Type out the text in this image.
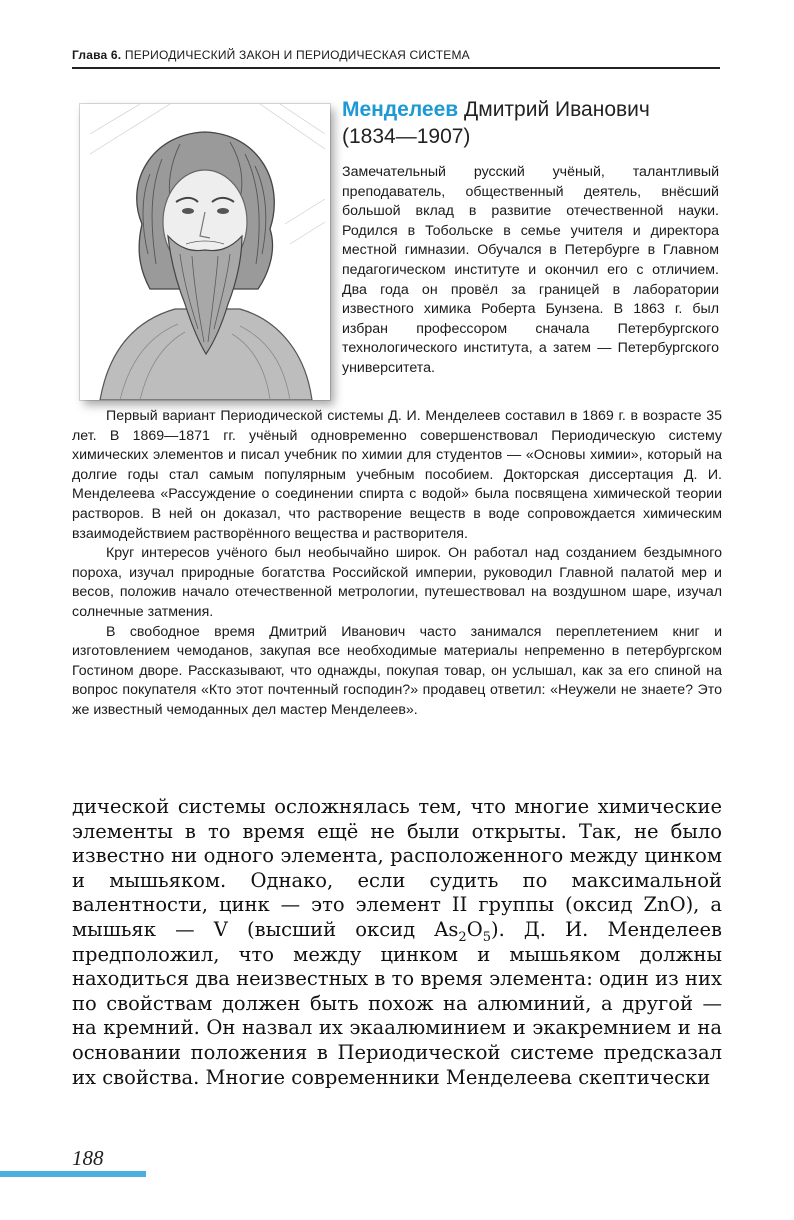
Глава 6. ПЕРИОДИЧЕСКИЙ ЗАКОН И ПЕРИОДИЧЕСКАЯ СИСТЕМА
Менделеев Дмитрий Иванович
(1834—1907)
Замечательный русский учёный, талантливый преподаватель, общественный деятель, внёсший большой вклад в развитие отечественной науки. Родился в Тобольске в семье учителя и директора местной гимназии. Обучался в Петербурге в Главном педагогическом институте и окончил его с отличием. Два года он провёл за границей в лаборатории известного химика Роберта Бунзена. В 1863 г. был избран профессором сначала Петербургского технологического института, а затем — Петербургского университета.

Первый вариант Периодической системы Д. И. Менделеев составил в 1869 г. в возрасте 35 лет. В 1869—1871 гг. учёный одновременно совершенствовал Периодическую систему химических элементов и писал учебник по химии для студентов — «Основы химии», который на долгие годы стал самым популярным учебным пособием. Докторская диссертация Д. И. Менделеева «Рассуждение о соединении спирта с водой» была посвящена химической теории растворов. В ней он доказал, что растворение веществ в воде сопровождается химическим взаимодействием растворённого вещества и растворителя.

Круг интересов учёного был необычайно широк. Он работал над созданием бездымного пороха, изучал природные богатства Российской империи, руководил Главной палатой мер и весов, положив начало отечественной метрологии, путешествовал на воздушном шаре, изучал солнечные затмения.

В свободное время Дмитрий Иванович часто занимался переплетением книг и изготовлением чемоданов, закупая все необходимые материалы непременно в петербургском Гостином дворе. Рассказывают, что однажды, покупая товар, он услышал, как за его спиной на вопрос покупателя «Кто этот почтенный господин?» продавец ответил: «Неужели не знаете? Это же известный чемоданных дел мастер Менделеев».

дической системы осложнялась тем, что многие химические элементы в то время ещё не были открыты. Так, не было известно ни одного элемента, расположенного между цинком и мышьяком. Однако, если судить по максимальной валентности, цинк — это элемент II группы (оксид ZnO), а мышьяк — V (высший оксид $As_2O_5$). Д. И. Менделеев предположил, что между цинком и мышьяком должны находиться два неизвестных в то время элемента: один из них по свойствам должен быть похож на алюминий, а другой — на кремний. Он назвал их экаалюминием и экакремнием и на основании положения в Периодической системе предсказал их свойства. Многие современники Менделеева скептически
188
